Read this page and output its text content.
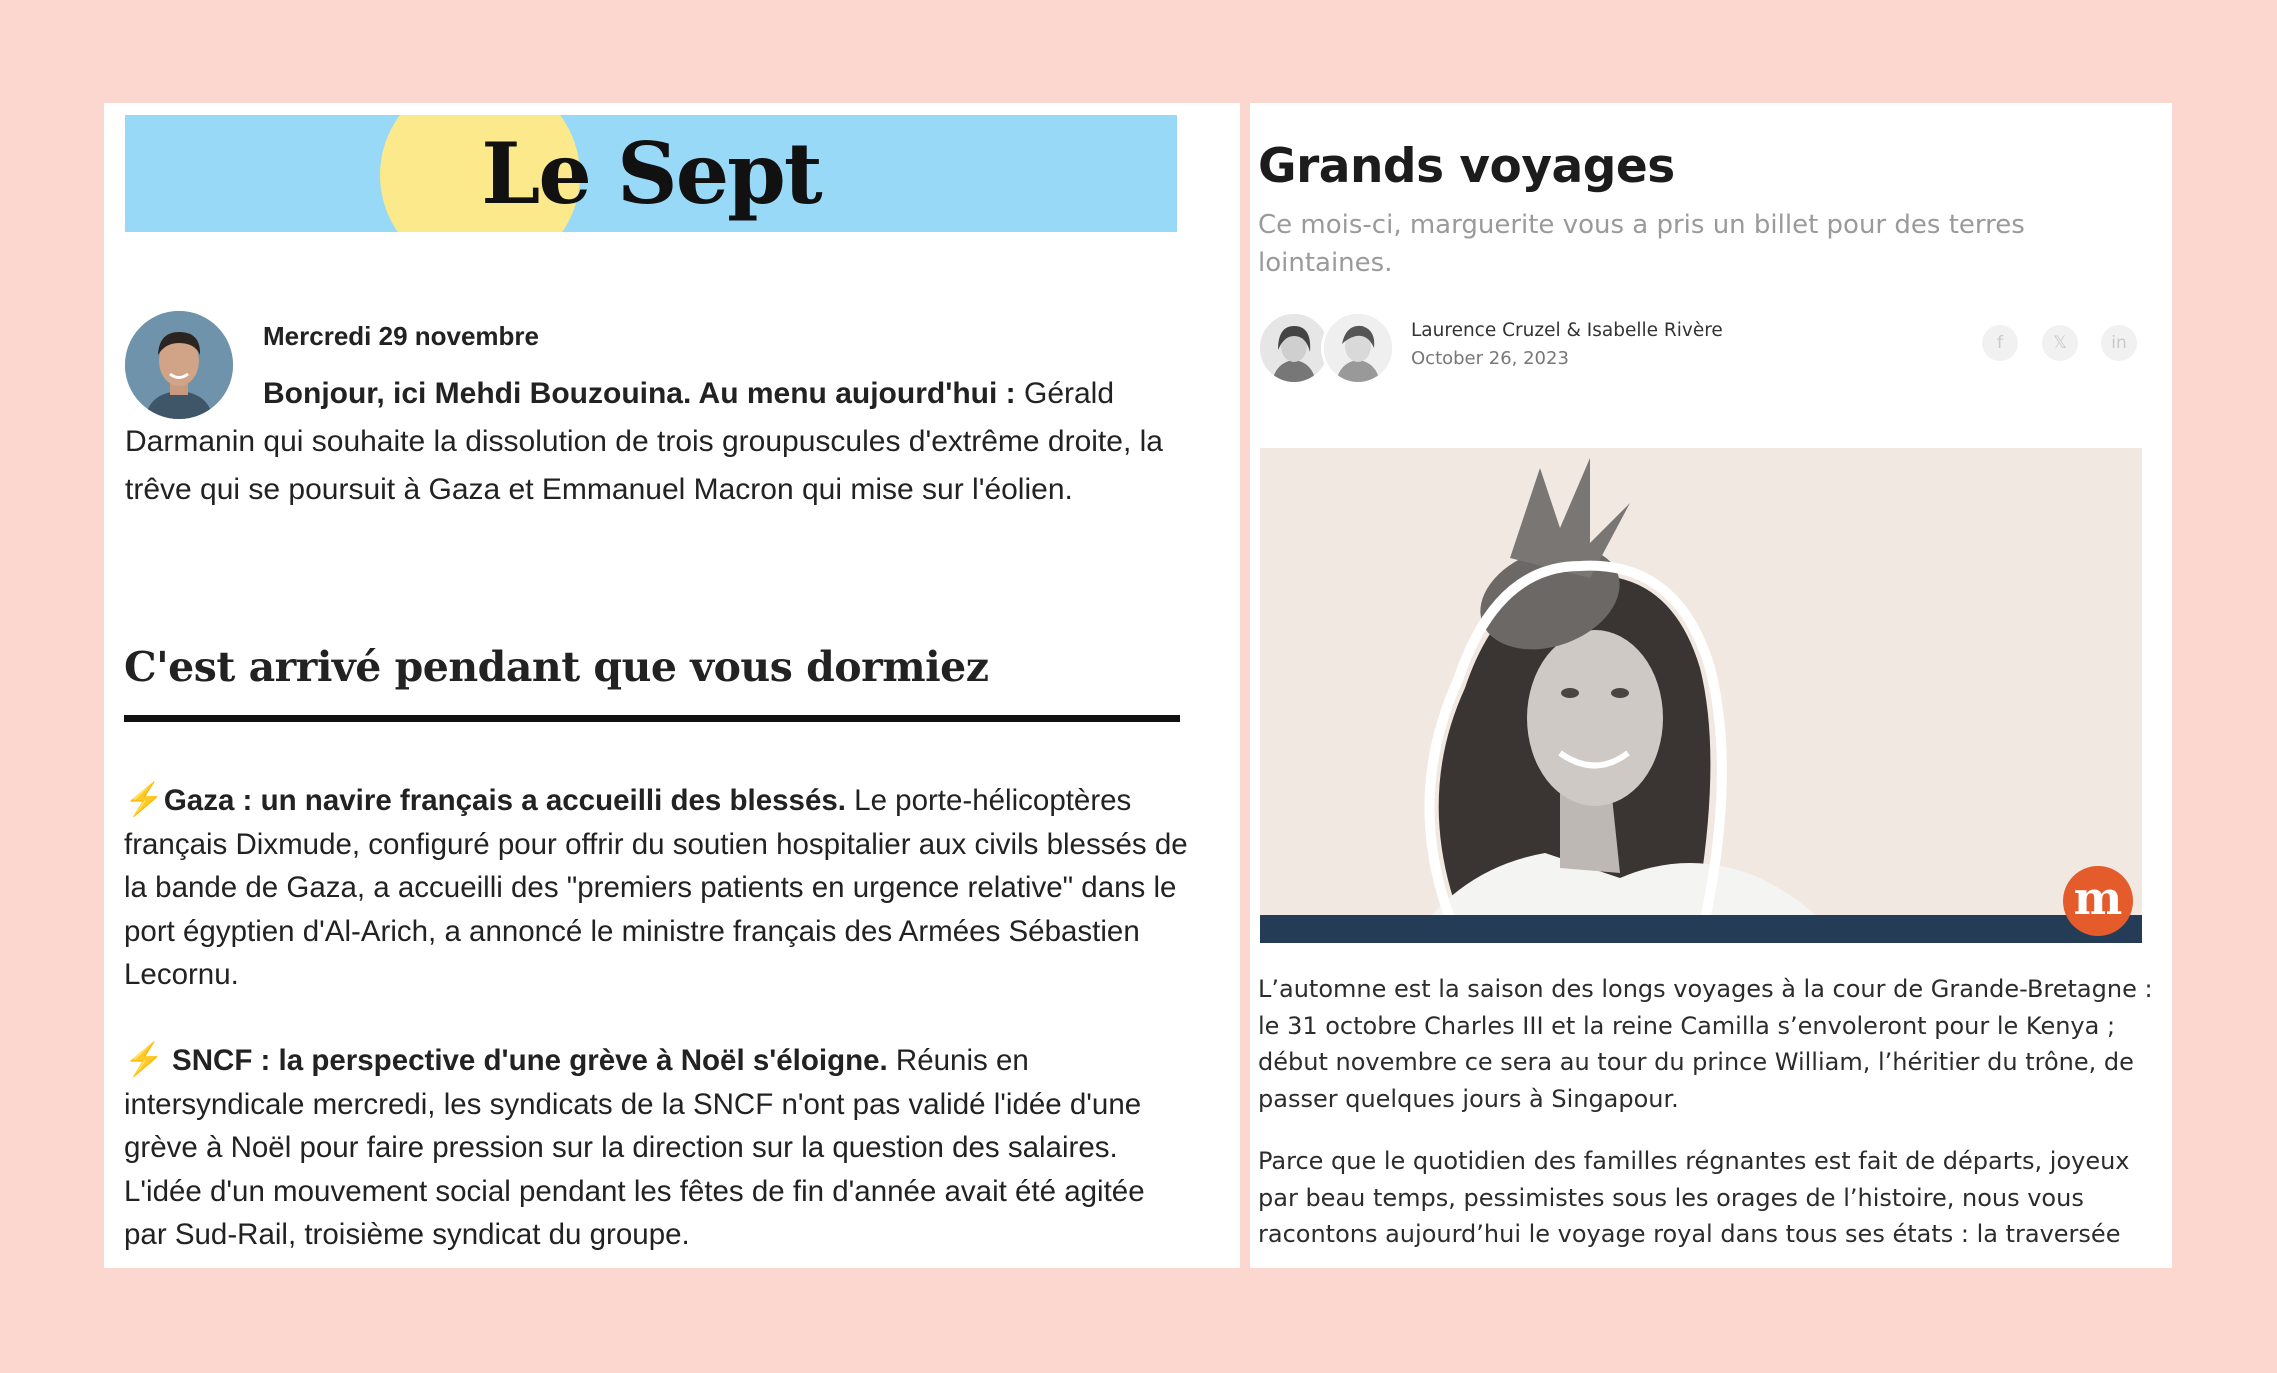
Le Sept
Mercredi 29 novembre
Bonjour, ici Mehdi Bouzouina. Au menu aujourd'hui : Gérald Darmanin qui souhaite la dissolution de trois groupuscules d'extrême droite, la trêve qui se poursuit à Gaza et Emmanuel Macron qui mise sur l'éolien.
C'est arrivé pendant que vous dormiez
⚡Gaza : un navire français a accueilli des blessés. Le porte-hélicoptères français Dixmude, configuré pour offrir du soutien hospitalier aux civils blessés de la bande de Gaza, a accueilli des "premiers patients en urgence relative" dans le port égyptien d'Al-Arich, a annoncé le ministre français des Armées Sébastien Lecornu.
⚡ SNCF : la perspective d'une grève à Noël s'éloigne. Réunis en intersyndicale mercredi, les syndicats de la SNCF n'ont pas validé l'idée d'une grève à Noël pour faire pression sur la direction sur la question des salaires. L'idée d'un mouvement social pendant les fêtes de fin d'année avait été agitée par Sud-Rail, troisième syndicat du groupe.
Grands voyages
Ce mois-ci, marguerite vous a pris un billet pour des terres lointaines.
Laurence Cruzel & Isabelle Rivère
October 26, 2023
f	𝕏	in
m
L’automne est la saison des longs voyages à la cour de Grande-Bretagne : le 31 octobre Charles III et la reine Camilla s’envoleront pour le Kenya ; début novembre ce sera au tour du prince William, l’héritier du trône, de passer quelques jours à Singapour.
Parce que le quotidien des familles régnantes est fait de départs, joyeux par beau temps, pessimistes sous les orages de l’histoire, nous vous racontons aujourd’hui le voyage royal dans tous ses états : la traversée
